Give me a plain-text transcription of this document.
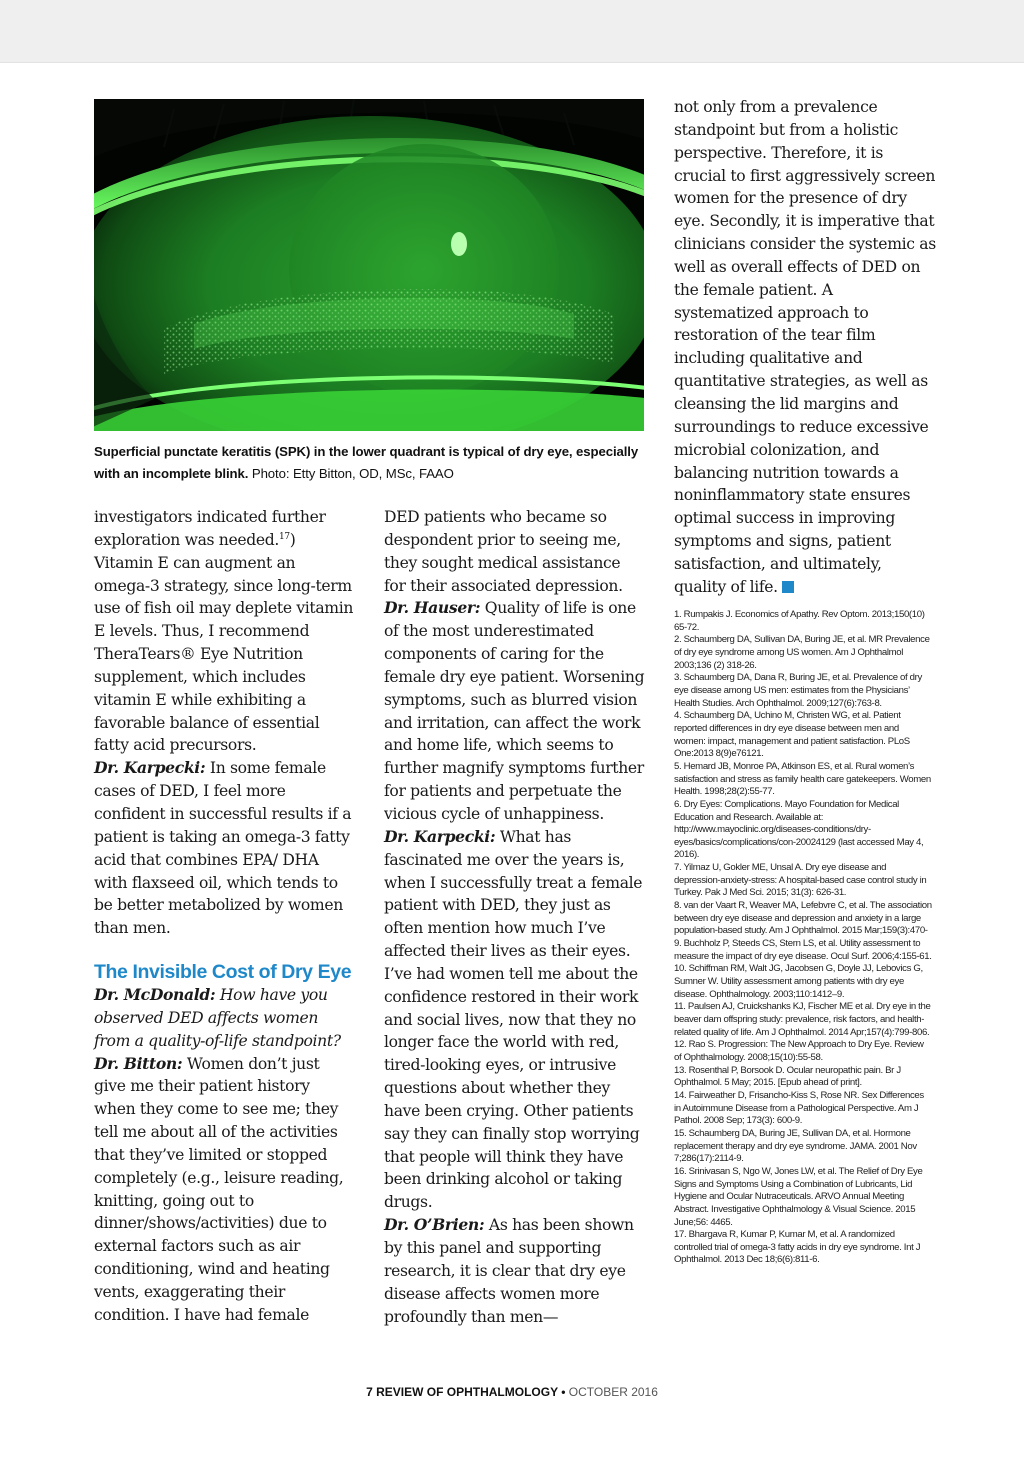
Superficial punctate keratitis (SPK) in the lower quadrant is typical of dry eye, especially with an incomplete blink. Photo: Etty Bitton, OD, MSc, FAAO

investigators indicated further exploration was needed.$^{17}$) Vitamin E can augment an omega-3 strategy, since long-term use of fish oil may deplete vitamin E levels. Thus, I recommend TheraTears® Eye Nutrition supplement, which includes vitamin E while exhibiting a favorable balance of essential fatty acid precursors.

Dr. Karpecki: In some female cases of DED, I feel more confident in successful results if a patient is taking an omega-3 fatty acid that combines EPA/ DHA with flaxseed oil, which tends to be better metabolized by women than men.

The Invisible Cost of Dry Eye

Dr. McDonald: How have you observed DED affects women from a quality-of-life standpoint?

Dr. Bitton: Women don’t just give me their patient history when they come to see me; they tell me about all of the activities that they’ve limited or stopped completely (e.g., leisure reading, knitting, going out to dinner/shows/activities) due to external factors such as air conditioning, wind and heating vents, exaggerating their condition. I have had female

DED patients who became so despondent prior to seeing me, they sought medical assistance for their associated depression.

Dr. Hauser: Quality of life is one of the most underestimated components of caring for the female dry eye patient. Worsening symptoms, such as blurred vision and irritation, can affect the work and home life, which seems to further magnify symptoms further for patients and perpetuate the vicious cycle of unhappiness.

Dr. Karpecki: What has fascinated me over the years is, when I successfully treat a female patient with DED, they just as often mention how much I’ve affected their lives as their eyes. I’ve had women tell me about the confidence restored in their work and social lives, now that they no longer face the world with red, tired-looking eyes, or intrusive questions about whether they have been crying. Other patients say they can finally stop worrying that people will think they have been drinking alcohol or taking drugs.

Dr. O’Brien: As has been shown by this panel and supporting research, it is clear that dry eye disease affects women more profoundly than men—

not only from a prevalence standpoint but from a holistic perspective. Therefore, it is crucial to first aggressively screen women for the presence of dry eye. Secondly, it is imperative that clinicians consider the systemic as well as overall effects of DED on the female patient. A systematized approach to restoration of the tear film including qualitative and quantitative strategies, as well as cleansing the lid margins and surroundings to reduce excessive microbial colonization, and balancing nutrition towards a noninflammatory state ensures optimal success in improving symptoms and signs, patient satisfaction, and ultimately, quality of life.

1. Rumpakis J. Economics of Apathy. Rev Optom. 2013;150(10) 65-72.
2. Schaumberg DA, Sullivan DA, Buring JE, et al. MR Prevalence of dry eye syndrome among US women. Am J Ophthalmol 2003;136 (2) 318-26.
3. Schaumberg DA, Dana R, Buring JE, et al. Prevalence of dry eye disease among US men: estimates from the Physicians’ Health Studies. Arch Ophthalmol. 2009;127(6):763-8.
4. Schaumberg DA, Uchino M, Christen WG, et al. Patient reported differences in dry eye disease between men and women: impact, management and patient satisfaction. PLoS One:2013 8(9)e76121.
5. Hemard JB, Monroe PA, Atkinson ES, et al. Rural women’s satisfaction and stress as family health care gatekeepers. Women Health. 1998;28(2):55-77.
6. Dry Eyes: Complications. Mayo Foundation for Medical Education and Research. Available at: http://www.mayoclinic.org/diseases-conditions/dry-eyes/basics/complications/con-20024129 (last accessed May 4, 2016).
7. Yilmaz U, Gokler ME, Unsal A. Dry eye disease and depression-anxiety-stress: A hospital-based case control study in Turkey. Pak J Med Sci. 2015; 31(3): 626-31.
8. van der Vaart R, Weaver MA, Lefebvre C, et al. The association between dry eye disease and depression and anxiety in a large population-based study. Am J Ophthalmol. 2015 Mar;159(3):470-
9. Buchholz P, Steeds CS, Stern LS, et al. Utility assessment to measure the impact of dry eye disease. Ocul Surf. 2006;4:155-61.
10. Schiffman RM, Walt JG, Jacobsen G, Doyle JJ, Lebovics G, Sumner W. Utility assessment among patients with dry eye disease. Ophthalmology. 2003;110:1412–9.
11. Paulsen AJ, Cruickshanks KJ, Fischer ME et al. Dry eye in the beaver dam offspring study: prevalence, risk factors, and health-related quality of life. Am J Ophthalmol. 2014 Apr;157(4):799-806.
12. Rao S. Progression: The New Approach to Dry Eye. Review of Ophthalmology. 2008;15(10):55-58.
13. Rosenthal P, Borsook D. Ocular neuropathic pain. Br J Ophthalmol. 5 May; 2015. [Epub ahead of print].
14. Fairweather D, Frisancho-Kiss S, Rose NR. Sex Differences in Autoimmune Disease from a Pathological Perspective. Am J Pathol. 2008 Sep; 173(3): 600-9.
15. Schaumberg DA, Buring JE, Sullivan DA, et al. Hormone replacement therapy and dry eye syndrome. JAMA. 2001 Nov 7;286(17):2114-9.
16. Srinivasan S, Ngo W, Jones LW, et al. The Relief of Dry Eye Signs and Symptoms Using a Combination of Lubricants, Lid Hygiene and Ocular Nutraceuticals. ARVO Annual Meeting Abstract. Investigative Ophthalmology & Visual Science. 2015 June;56: 4465.
17. Bhargava R, Kumar P, Kumar M, et al. A randomized controlled trial of omega-3 fatty acids in dry eye syndrome. Int J Ophthalmol. 2013 Dec 18;6(6):811-6.
7 REVIEW OF OPHTHALMOLOGY • OCTOBER 2016
